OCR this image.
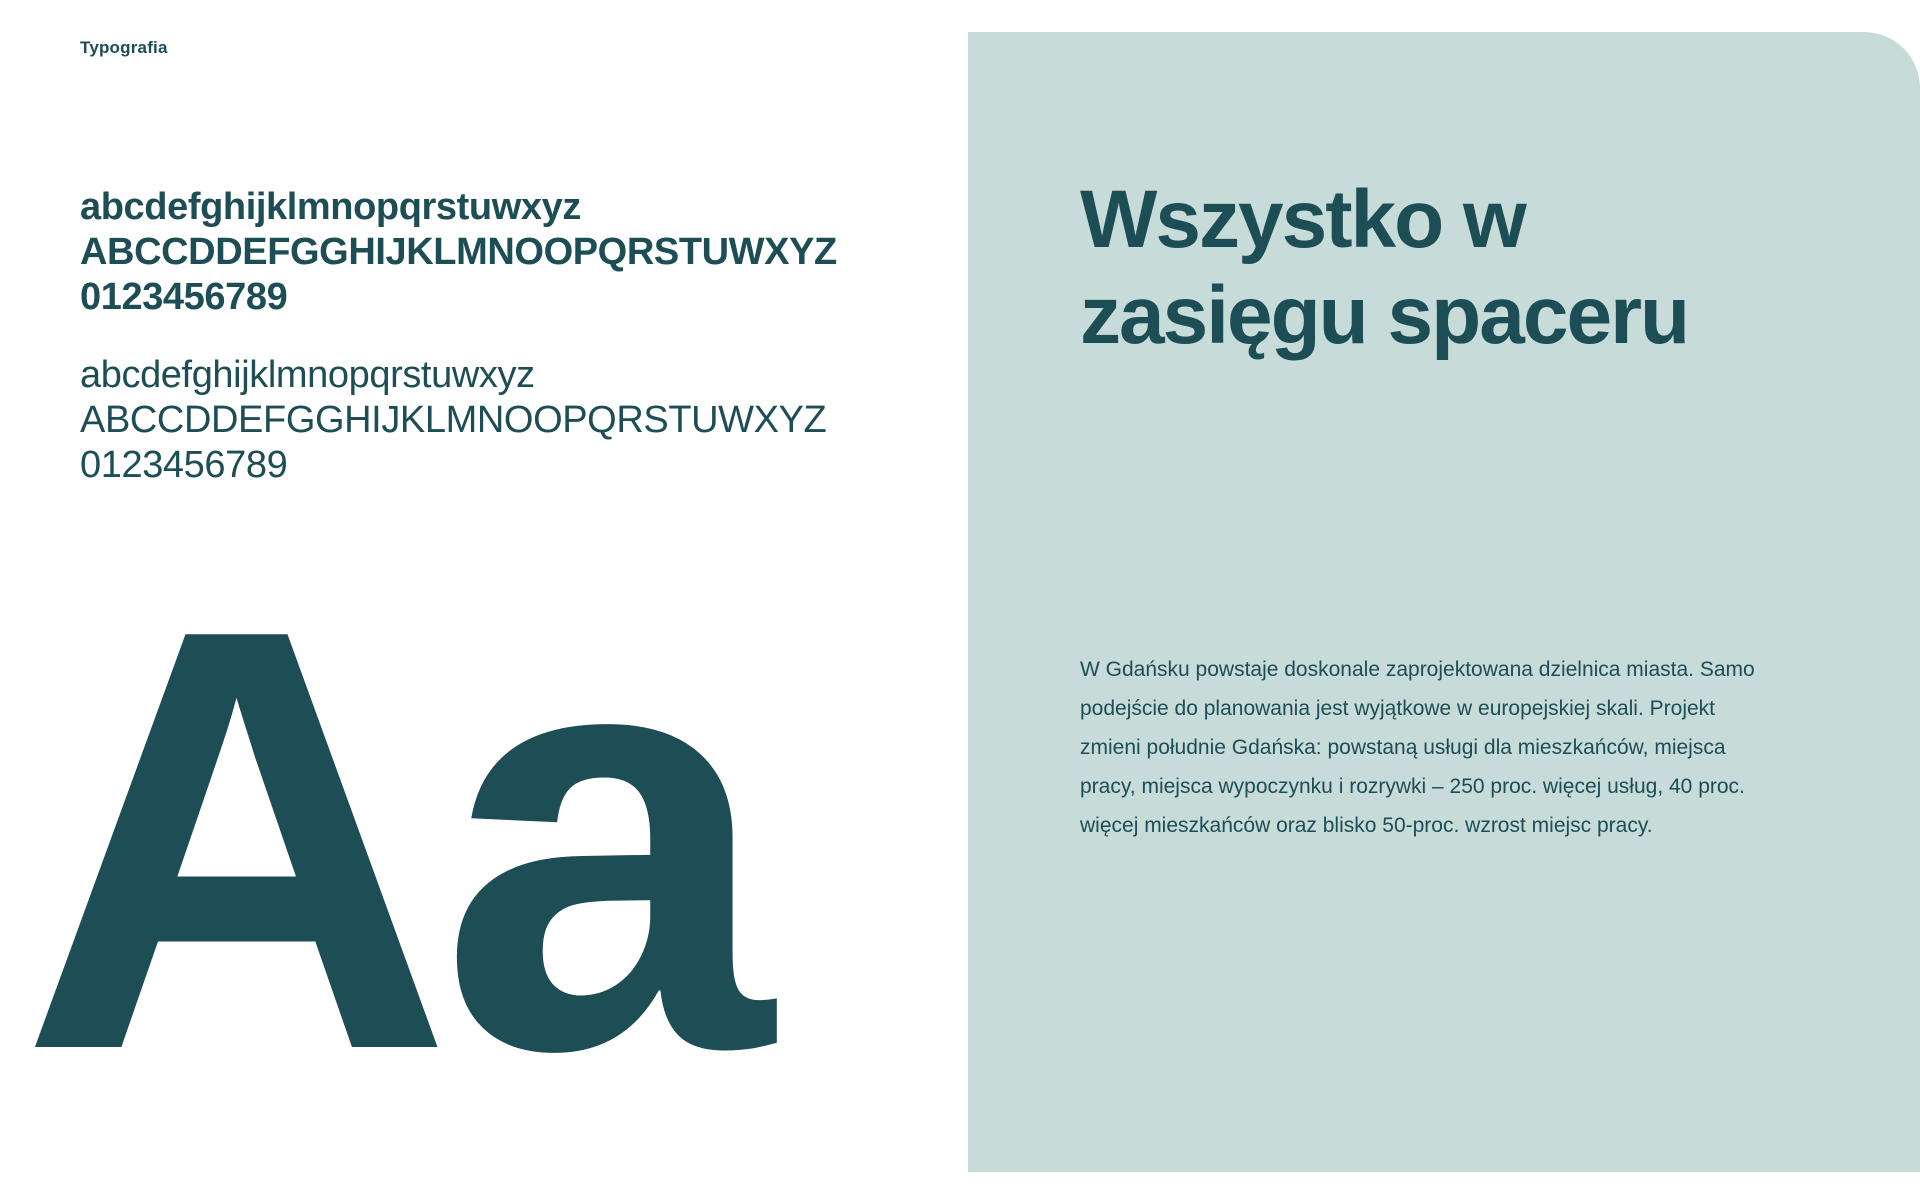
Typografia
abcdefghijklmnopqrstuwxyz
ABCCDDEFGGHIJKLMNOOPQRSTUWXYZ
0123456789
abcdefghijklmnopqrstuwxyz
ABCCDDEFGGHIJKLMNOOPQRSTUWXYZ
0123456789
Aa
Wszystko w zasięgu spaceru
W Gdańsku powstaje doskonale zaprojektowana dzielnica miasta. Samo podejście do planowania jest wyjątkowe w europejskiej skali. Projekt zmieni południe Gdańska: powstaną usługi dla mieszkańców, miejsca pracy, miejsca wypoczynku i rozrywki – 250 proc. więcej usług, 40 proc. więcej mieszkańców oraz blisko 50-proc. wzrost miejsc pracy.
